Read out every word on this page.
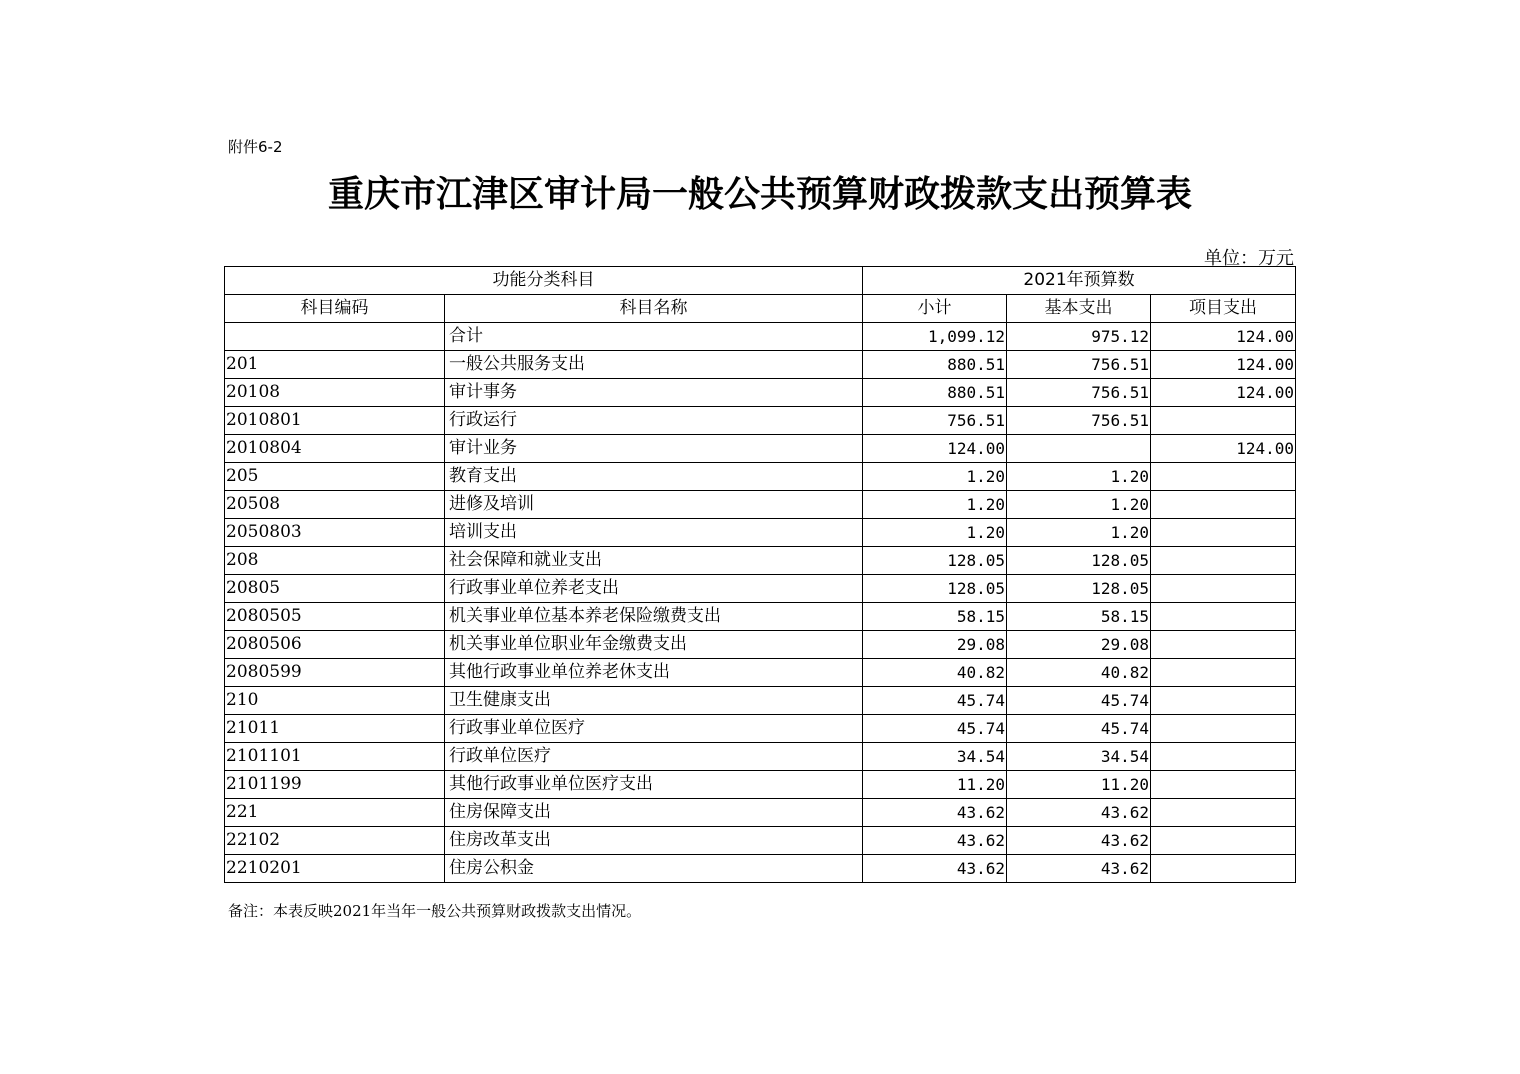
附件6-2
重庆市江津区审计局一般公共预算财政拨款支出预算表
单位：万元
功能分类科目		2021年预算数		
科目编码	科目名称	小计	基本支出	项目支出
	合计	1,099.12	975.12	124.00
201	一般公共服务支出	880.51	756.51	124.00
20108	审计事务	880.51	756.51	124.00
2010801	行政运行	756.51	756.51	
2010804	审计业务	124.00		124.00
205	教育支出	1.20	1.20	
20508	进修及培训	1.20	1.20	
2050803	培训支出	1.20	1.20	
208	社会保障和就业支出	128.05	128.05	
20805	行政事业单位养老支出	128.05	128.05	
2080505	机关事业单位基本养老保险缴费支出	58.15	58.15	
2080506	机关事业单位职业年金缴费支出	29.08	29.08	
2080599	其他行政事业单位养老休支出	40.82	40.82	
210	卫生健康支出	45.74	45.74	
21011	行政事业单位医疗	45.74	45.74	
2101101	行政单位医疗	34.54	34.54	
2101199	其他行政事业单位医疗支出	11.20	11.20	
221	住房保障支出	43.62	43.62	
22102	住房改革支出	43.62	43.62	
2210201	住房公积金	43.62	43.62	
备注：本表反映2021年当年一般公共预算财政拨款支出情况。
